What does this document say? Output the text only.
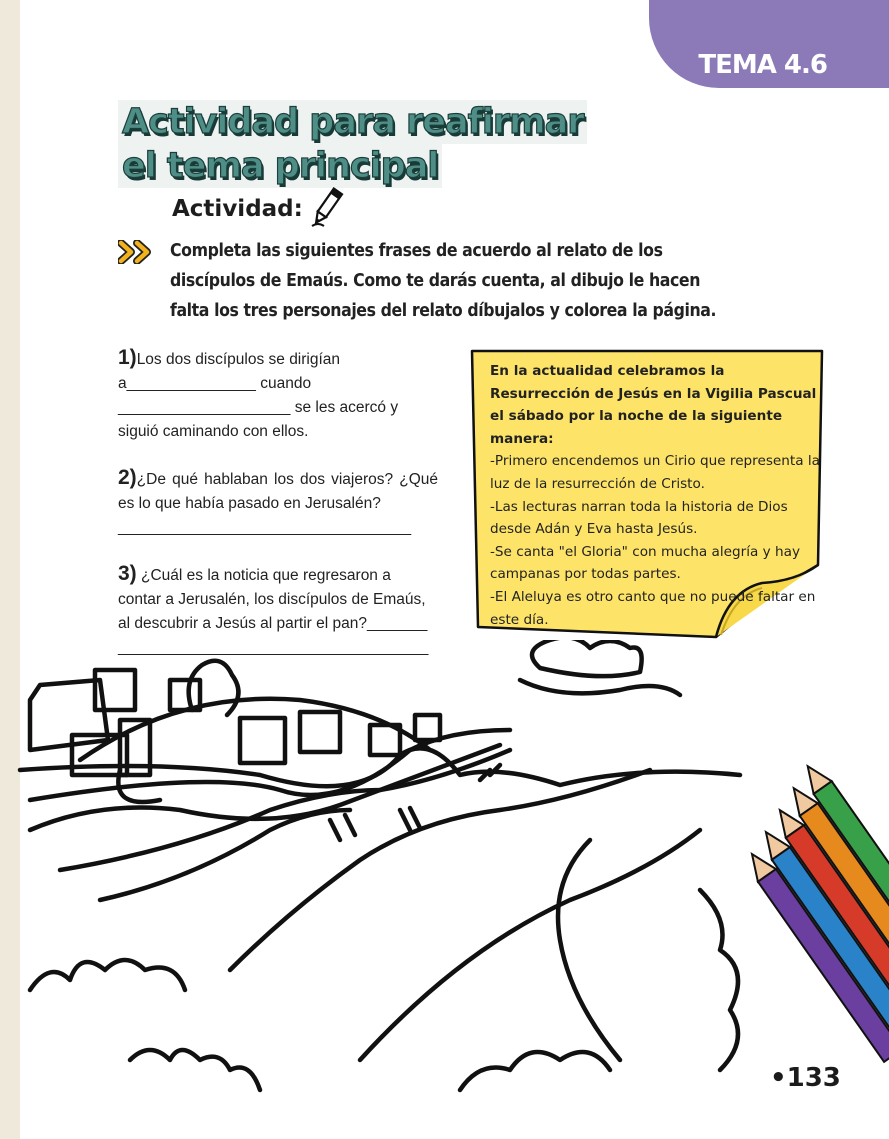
TEMA 4.6
Actividad para reafirmar
el tema principal
Actividad:
Completa las siguientes frases de acuerdo al relato de los discípulos de Emaús. Como te darás cuenta, al dibujo le hacen falta los tres personajes del relato díbujalos y colorea la página.
1)Los dos discípulos se dirigían a_______________ cuando ____________________ se les acercó y siguió caminando con ellos.
2)¿De qué hablaban los dos viajeros? ¿Qué es lo que había pasado en Jerusalén?
__________________________________
3) ¿Cuál es la noticia que regresaron a contar a Jerusalén, los discípulos de Emaús, al descubrir a Jesús al partir el pan?_______
____________________________________
En la actualidad celebramos la Resurrección de Jesús en la Vigilia Pascual el sábado por la noche de la siguiente manera:
-Primero encendemos un Cirio que representa la luz de la resurrección de Cristo.
-Las lecturas narran toda la historia de Dios desde Adán y Eva hasta Jesús.
-Se canta "el Gloria" con mucha alegría y hay campanas por todas partes.
-El Aleluya es otro canto que no puede faltar en este día.
•133
